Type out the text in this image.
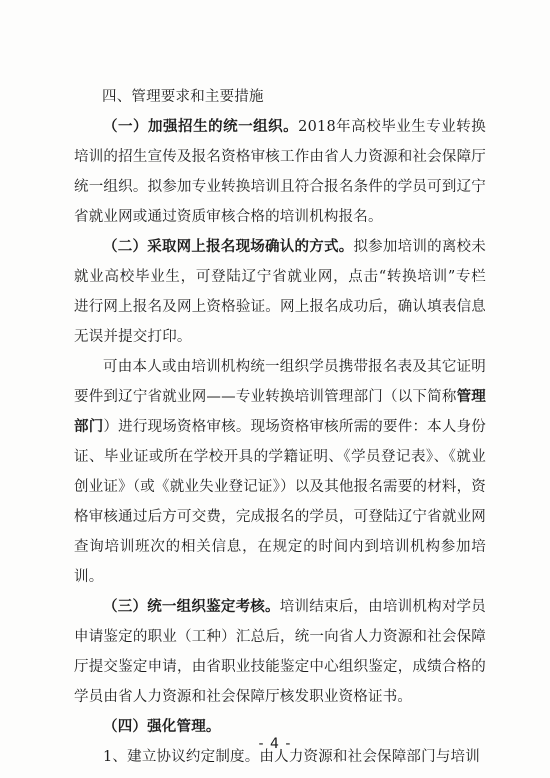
四、管理要求和主要措施

（一）加强招生的统一组织。2018年高校毕业生专业转换培训的招生宣传及报名资格审核工作由省人力资源和社会保障厅统一组织。拟参加专业转换培训且符合报名条件的学员可到辽宁省就业网或通过资质审核合格的培训机构报名。

（二）采取网上报名现场确认的方式。拟参加培训的离校未就业高校毕业生，可登陆辽宁省就业网，点击“转换培训”专栏进行网上报名及网上资格验证。网上报名成功后，确认填表信息无误并提交打印。

可由本人或由培训机构统一组织学员携带报名表及其它证明要件到辽宁省就业网——专业转换培训管理部门（以下简称管理部门）进行现场资格审核。现场资格审核所需的要件：本人身份证、毕业证或所在学校开具的学籍证明、《学员登记表》、《就业创业证》（或《就业失业登记证》）以及其他报名需要的材料，资格审核通过后方可交费，完成报名的学员，可登陆辽宁省就业网查询培训班次的相关信息，在规定的时间内到培训机构参加培训。

（三）统一组织鉴定考核。培训结束后，由培训机构对学员申请鉴定的职业（工种）汇总后，统一向省人力资源和社会保障厅提交鉴定申请，由省职业技能鉴定中心组织鉴定，成绩合格的学员由省人力资源和社会保障厅核发职业资格证书。

（四）强化管理。

1、建立协议约定制度。由人力资源和社会保障部门与培训

- 4 -
